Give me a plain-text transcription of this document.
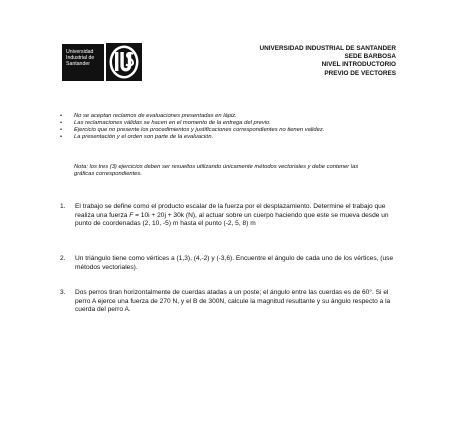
Universidad
Industrial de
Santander
UNIVERSIDAD INDUSTRIAL DE SANTANDER
SEDE BARBOSA
NIVEL INTRODUCTORIO
PREVIO DE VECTORES
• No se aceptan reclamos de evaluaciones presentadas en lápiz.
• Las reclamaciones válidas se hacen en el momento de la entrega del previo.
• Ejercicio que no presente los procedimientos y justificaciones correspondientes no tienen validez.
• La presentación y el orden son parte de la evaluación.
Nota: los tres (3) ejercicios deben ser resueltos utilizando únicamente métodos vectoriales y debe contener las gráficas correspondientes.
1. El trabajo se define como el producto escalar de la fuerza por el desplazamiento. Determine el trabajo que realiza una fuerza F = 10i + 20j + 30k (N), al actuar sobre un cuerpo haciendo que este se mueva desde un punto de coordenadas (2, 10, -5) m hasta el punto (-2, 5, 8) m
2. Un triángulo tiene como vértices a (1,3), (4,-2) y (-3,6). Encuentre el ángulo de cada uno de los vértices, (use métodos vectoriales).
3. Dos perros tiran horizontalmente de cuerdas atadas a un poste; el ángulo entre las cuerdas es de 60°. Si el perro A ejerce una fuerza de 270 N, y el B de 300N, calcule la magnitud resultante y su ángulo respecto a la cuerda del perro A.
